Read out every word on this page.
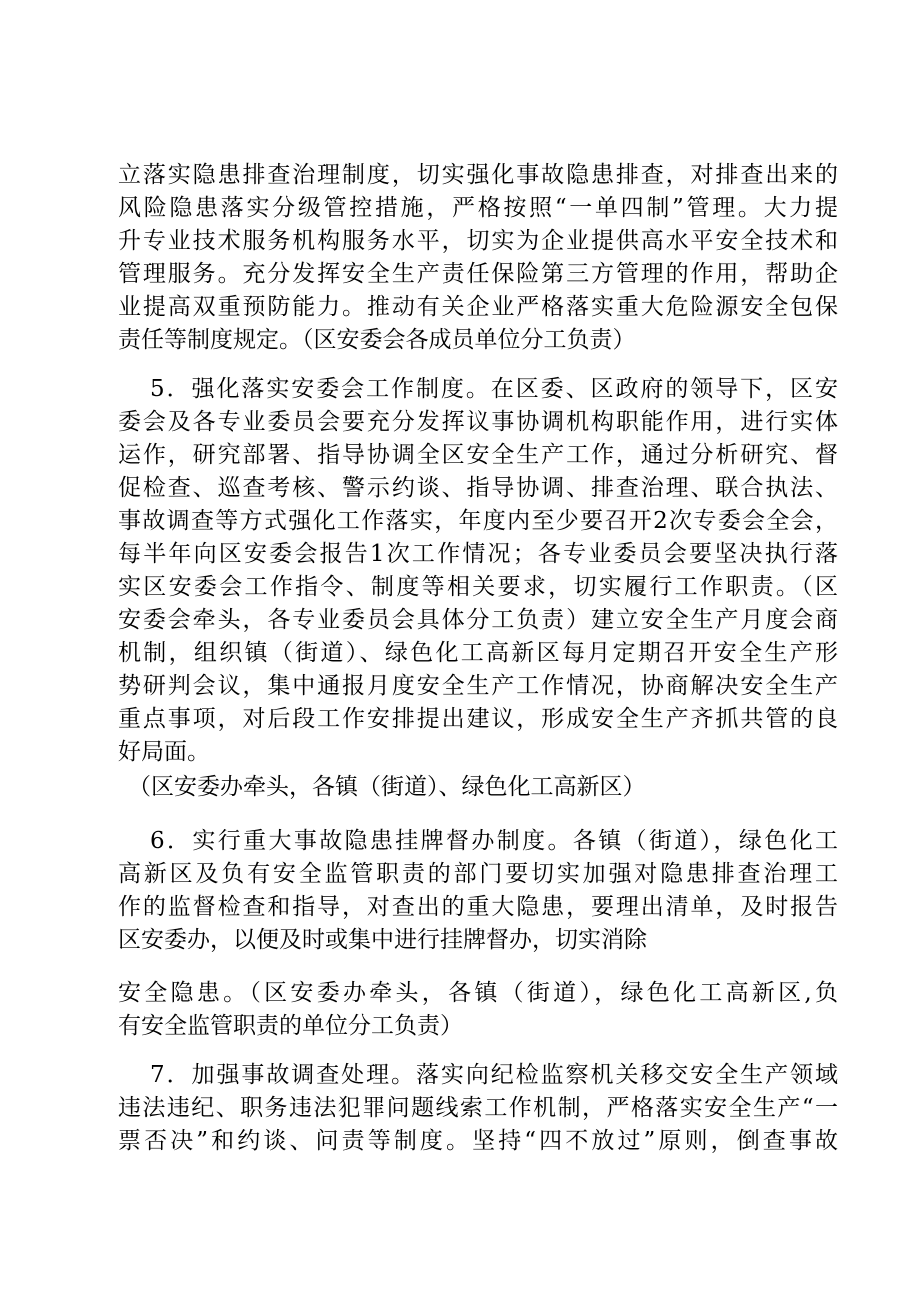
立落实隐患排查治理制度，切实强化事故隐患排查，对排查出来的
风险隐患落实分级管控措施，严格按照“一单四制”管理。大力提
升专业技术服务机构服务水平，切实为企业提供高水平安全技术和
管理服务。充分发挥安全生产责任保险第三方管理的作用，帮助企
业提高双重预防能力。推动有关企业严格落实重大危险源安全包保
责任等制度规定。（区安委会各成员单位分工负责）
5．强化落实安委会工作制度。在区委、区政府的领导下，区安
委会及各专业委员会要充分发挥议事协调机构职能作用，进行实体
运作，研究部署、指导协调全区安全生产工作，通过分析研究、督
促检查、巡查考核、警示约谈、指导协调、排查治理、联合执法、
事故调查等方式强化工作落实，年度内至少要召开2次专委会全会，
每半年向区安委会报告1次工作情况；各专业委员会要坚决执行落
实区安委会工作指令、制度等相关要求，切实履行工作职责。（区
安委会牵头，各专业委员会具体分工负责）建立安全生产月度会商
机制，组织镇（街道）、绿色化工高新区每月定期召开安全生产形
势研判会议，集中通报月度安全生产工作情况，协商解决安全生产
重点事项，对后段工作安排提出建议，形成安全生产齐抓共管的良
好局面。
（区安委办牵头，各镇（街道）、绿色化工高新区）
6．实行重大事故隐患挂牌督办制度。各镇（街道），绿色化工
高新区及负有安全监管职责的部门要切实加强对隐患排查治理工
作的监督检查和指导，对查出的重大隐患，要理出清单，及时报告
区安委办，以便及时或集中进行挂牌督办，切实消除
安全隐患。（区安委办牵头，各镇（街道），绿色化工高新区,负
有安全监管职责的单位分工负责）
7．加强事故调查处理。落实向纪检监察机关移交安全生产领域
违法违纪、职务违法犯罪问题线索工作机制，严格落实安全生产“一
票否决”和约谈、问责等制度。坚持“四不放过”原则，倒查事故
